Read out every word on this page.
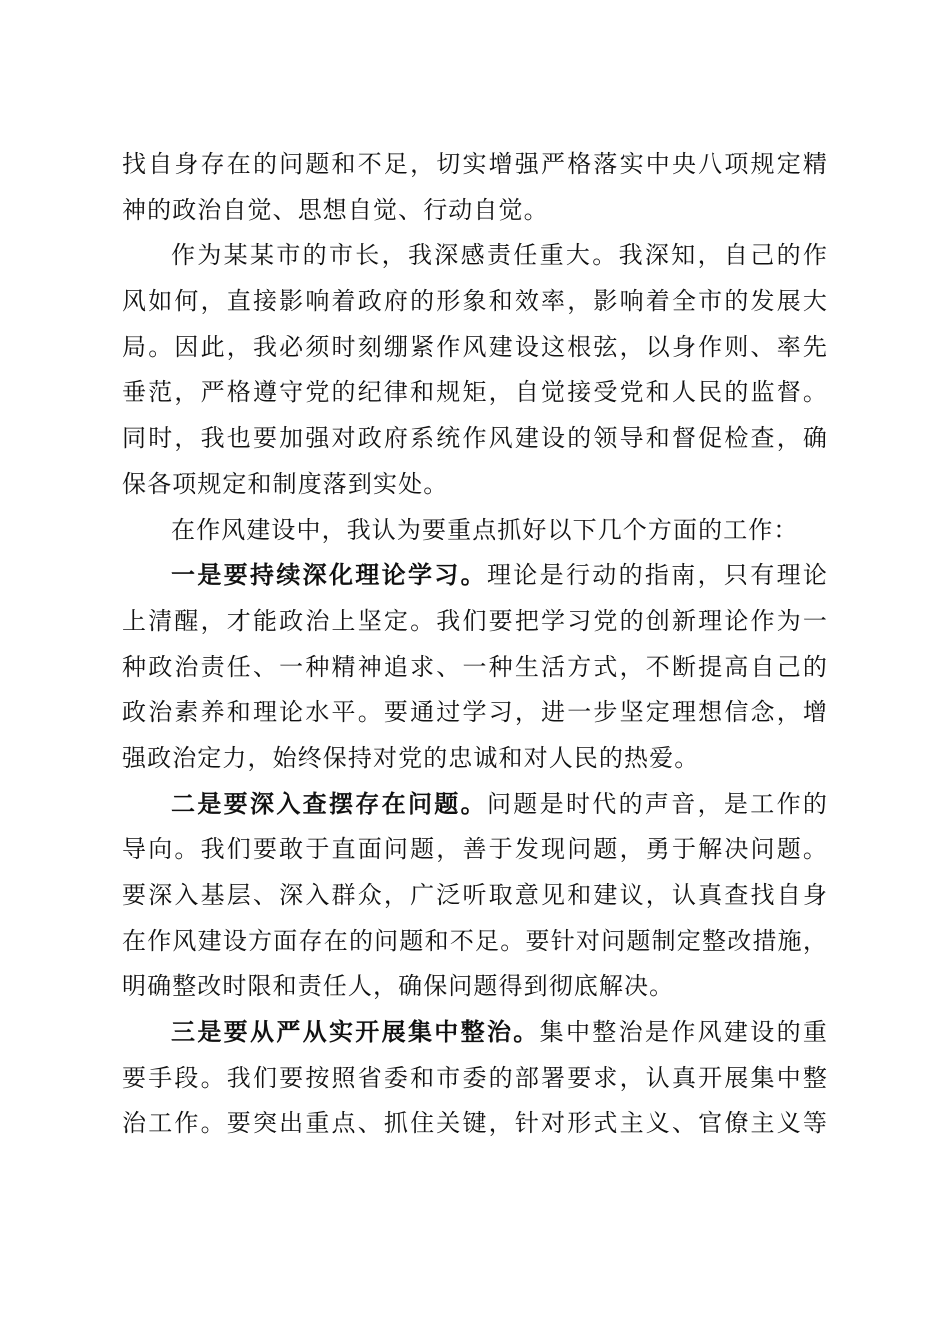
找自身存在的问题和不足，切实增强严格落实中央八项规定精
神的政治自觉、思想自觉、行动自觉。

作为某某市的市长，我深感责任重大。我深知，自己的作
风如何，直接影响着政府的形象和效率，影响着全市的发展大
局。因此，我必须时刻绷紧作风建设这根弦，以身作则、率先
垂范，严格遵守党的纪律和规矩，自觉接受党和人民的监督。
同时，我也要加强对政府系统作风建设的领导和督促检查，确
保各项规定和制度落到实处。

在作风建设中，我认为要重点抓好以下几个方面的工作：

一是要持续深化理论学习。理论是行动的指南，只有理论
上清醒，才能政治上坚定。我们要把学习党的创新理论作为一
种政治责任、一种精神追求、一种生活方式，不断提高自己的
政治素养和理论水平。要通过学习，进一步坚定理想信念，增
强政治定力，始终保持对党的忠诚和对人民的热爱。

二是要深入查摆存在问题。问题是时代的声音，是工作的
导向。我们要敢于直面问题，善于发现问题，勇于解决问题。
要深入基层、深入群众，广泛听取意见和建议，认真查找自身
在作风建设方面存在的问题和不足。要针对问题制定整改措施，
明确整改时限和责任人，确保问题得到彻底解决。

三是要从严从实开展集中整治。集中整治是作风建设的重
要手段。我们要按照省委和市委的部署要求，认真开展集中整
治工作。要突出重点、抓住关键，针对形式主义、官僚主义等
